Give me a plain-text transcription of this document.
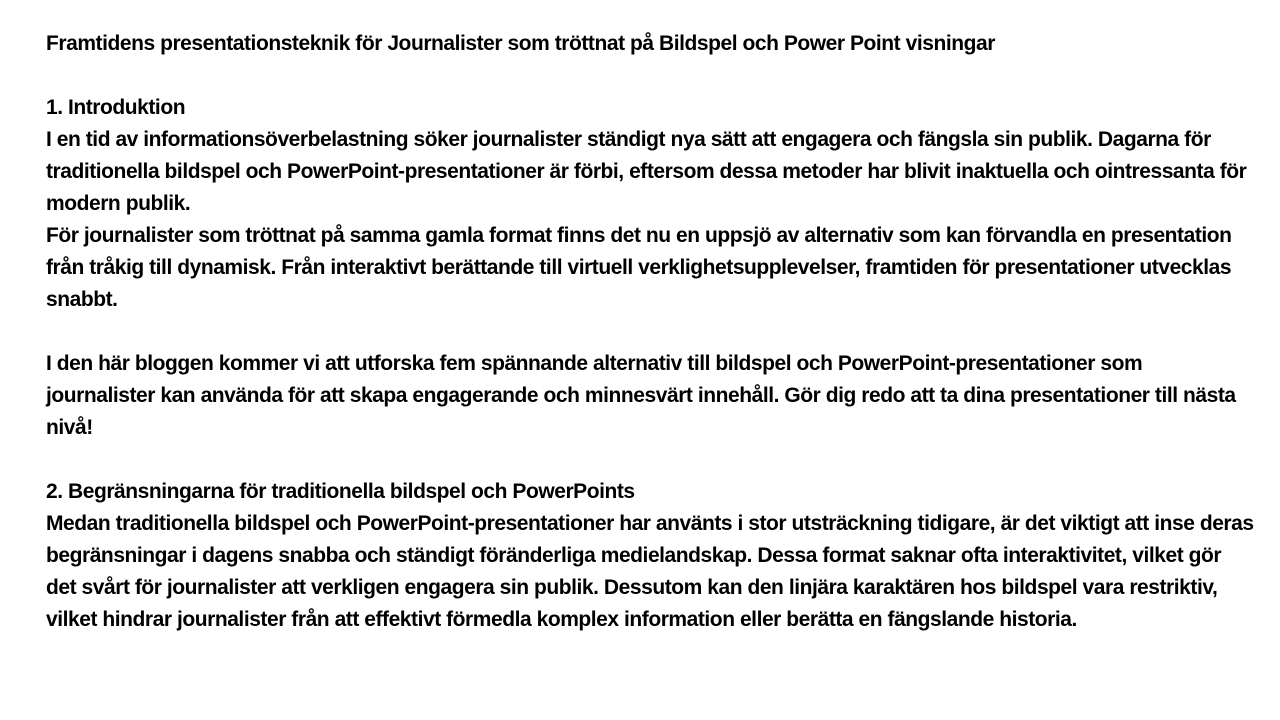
Framtidens presentationsteknik för Journalister som tröttnat på Bildspel och Power Point visningar
1. Introduktion

I en tid av informationsöverbelastning söker journalister ständigt nya sätt att engagera och fängsla sin publik. Dagarna för traditionella bildspel och PowerPoint-presentationer är förbi, eftersom dessa metoder har blivit inaktuella och ointressanta för modern publik.

För journalister som tröttnat på samma gamla format finns det nu en uppsjö av alternativ som kan förvandla en presentation från tråkig till dynamisk. Från interaktivt berättande till virtuell verklighetsupplevelser, framtiden för presentationer utvecklas snabbt.

I den här bloggen kommer vi att utforska fem spännande alternativ till bildspel och PowerPoint-presentationer som journalister kan använda för att skapa engagerande och minnesvärt innehåll. Gör dig redo att ta dina presentationer till nästa nivå!

2. Begränsningarna för traditionella bildspel och PowerPoints

Medan traditionella bildspel och PowerPoint-presentationer har använts i stor utsträckning tidigare, är det viktigt att inse deras begränsningar i dagens snabba och ständigt föränderliga medielandskap. Dessa format saknar ofta interaktivitet, vilket gör det svårt för journalister att verkligen engagera sin publik. Dessutom kan den linjära karaktären hos bildspel vara restriktiv, vilket hindrar journalister från att effektivt förmedla komplex information eller berätta en fängslande historia.
